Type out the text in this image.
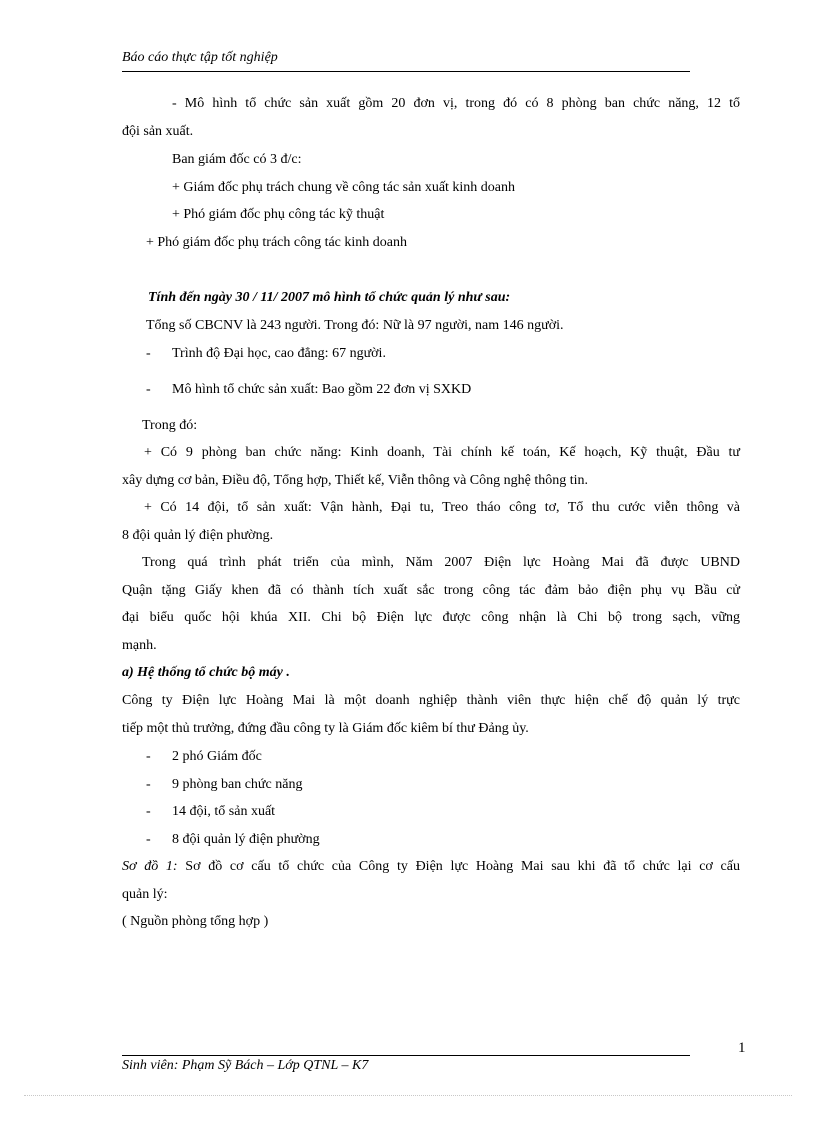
Báo cáo thực tập tốt nghiệp
- Mô hình tổ chức sản xuất gồm 20 đơn vị, trong đó có 8 phòng ban chức năng, 12 tổ
đội sản xuất.
Ban giám đốc có 3 đ/c:
+ Giám đốc phụ trách chung về công tác sản xuất kinh doanh
+ Phó giám đốc phụ công tác kỹ thuật
+ Phó giám đốc phụ trách công tác kinh doanh
Tính đến ngày 30 / 11/ 2007 mô hình tổ chức quản lý như sau:
Tổng số CBCNV là 243 người. Trong đó: Nữ là 97 người, nam 146 người.
- Trình độ Đại học, cao đẳng: 67 người.
- Mô hình tổ chức sản xuất: Bao gồm 22 đơn vị SXKD
Trong đó:
+ Có 9 phòng ban chức năng: Kinh doanh, Tài chính kế toán, Kế hoạch, Kỹ thuật, Đầu tư
xây dựng cơ bản, Điều độ, Tổng hợp, Thiết kế, Viễn thông và Công nghệ thông tin.
+ Có 14 đội, tổ sản xuất: Vận hành, Đại tu, Treo tháo công tơ, Tổ thu cước viễn thông và
8 đội quản lý điện phường.
Trong quá trình phát triển của mình, Năm 2007 Điện lực Hoàng Mai đã được UBND
Quận tặng Giấy khen đã có thành tích xuất sắc trong công tác đảm bảo điện phụ vụ Bầu cử
đại biểu quốc hội khúa XII. Chi bộ Điện lực được công nhận là Chi bộ trong sạch, vững
mạnh.
a) Hệ thống tổ chức bộ máy .
Công ty Điện lực Hoàng Mai là một doanh nghiệp thành viên thực hiện chế độ quản lý trực
tiếp một thủ trưởng, đứng đầu công ty là Giám đốc kiêm bí thư Đảng ủy.
- 2 phó Giám đốc
- 9 phòng ban chức năng
- 14 đội, tổ sản xuất
- 8 đội quản lý điện phường
Sơ đồ 1: Sơ đồ cơ cấu tổ chức của Công ty Điện lực Hoàng Mai sau khi đã tổ chức lại cơ cấu
quản lý:
( Nguồn phòng tổng hợp )
1
Sinh viên: Phạm Sỹ Bách – Lớp QTNL – K7
